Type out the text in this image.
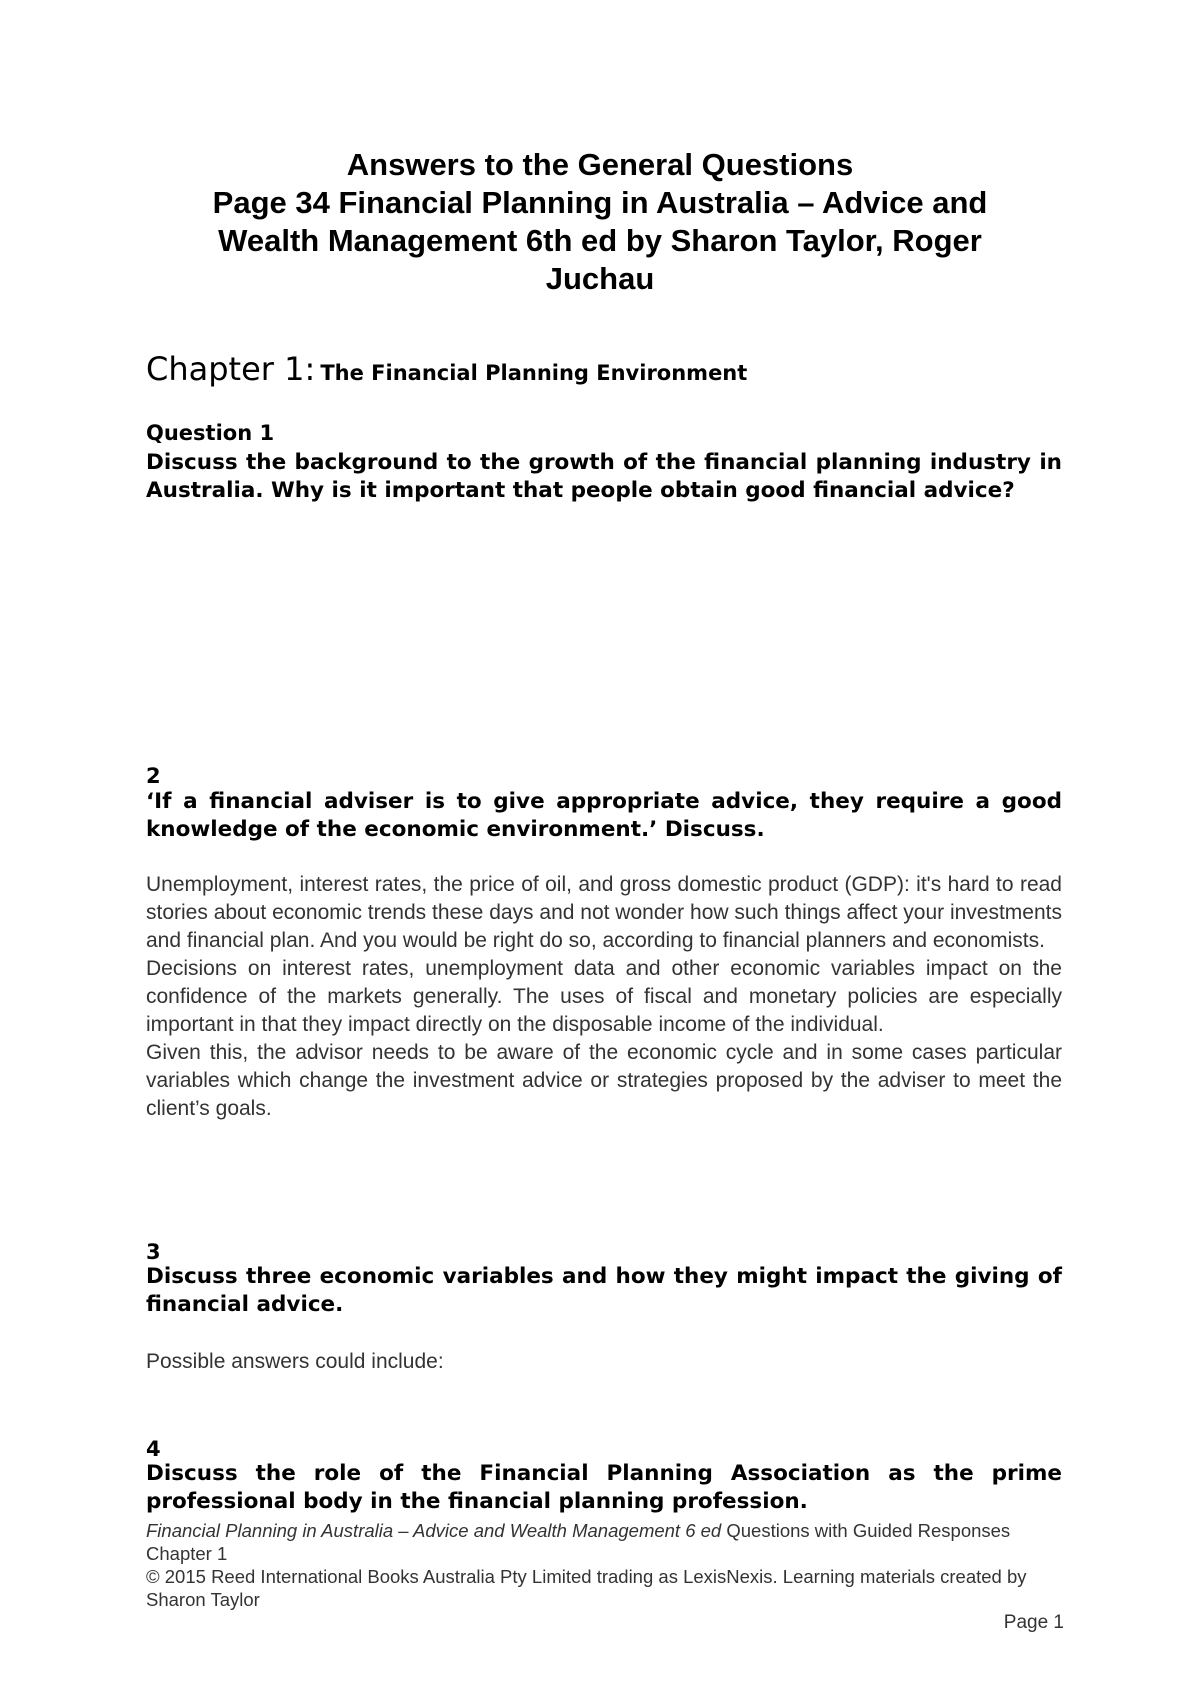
Answers to the General Questions
Page 34 Financial Planning in Australia – Advice and
Wealth Management 6th ed by Sharon Taylor, Roger
Juchau
Chapter 1: The Financial Planning Environment
Question 1
Discuss the background to the growth of the financial planning industry in Australia. Why is it important that people obtain good financial advice?
2
‘If a financial adviser is to give appropriate advice, they require a good knowledge of the economic environment.’ Discuss.

Unemployment, interest rates, the price of oil, and gross domestic product (GDP): it's hard to read stories about economic trends these days and not wonder how such things affect your investments and financial plan. And you would be right do so, according to financial planners and economists.

Decisions on interest rates, unemployment data and other economic variables impact on the confidence of the markets generally. The uses of fiscal and monetary policies are especially important in that they impact directly on the disposable income of the individual.

Given this, the advisor needs to be aware of the economic cycle and in some cases particular variables which change the investment advice or strategies proposed by the adviser to meet the client’s goals.

3
Discuss three economic variables and how they might impact the giving of financial advice.

Possible answers could include:

4
Discuss the role of the Financial Planning Association as the prime professional body in the financial planning profession.
Financial Planning in Australia – Advice and Wealth Management 6 ed Questions with Guided Responses Chapter 1
© 2015 Reed International Books Australia Pty Limited trading as LexisNexis. Learning materials created by Sharon Taylor
Page 1
